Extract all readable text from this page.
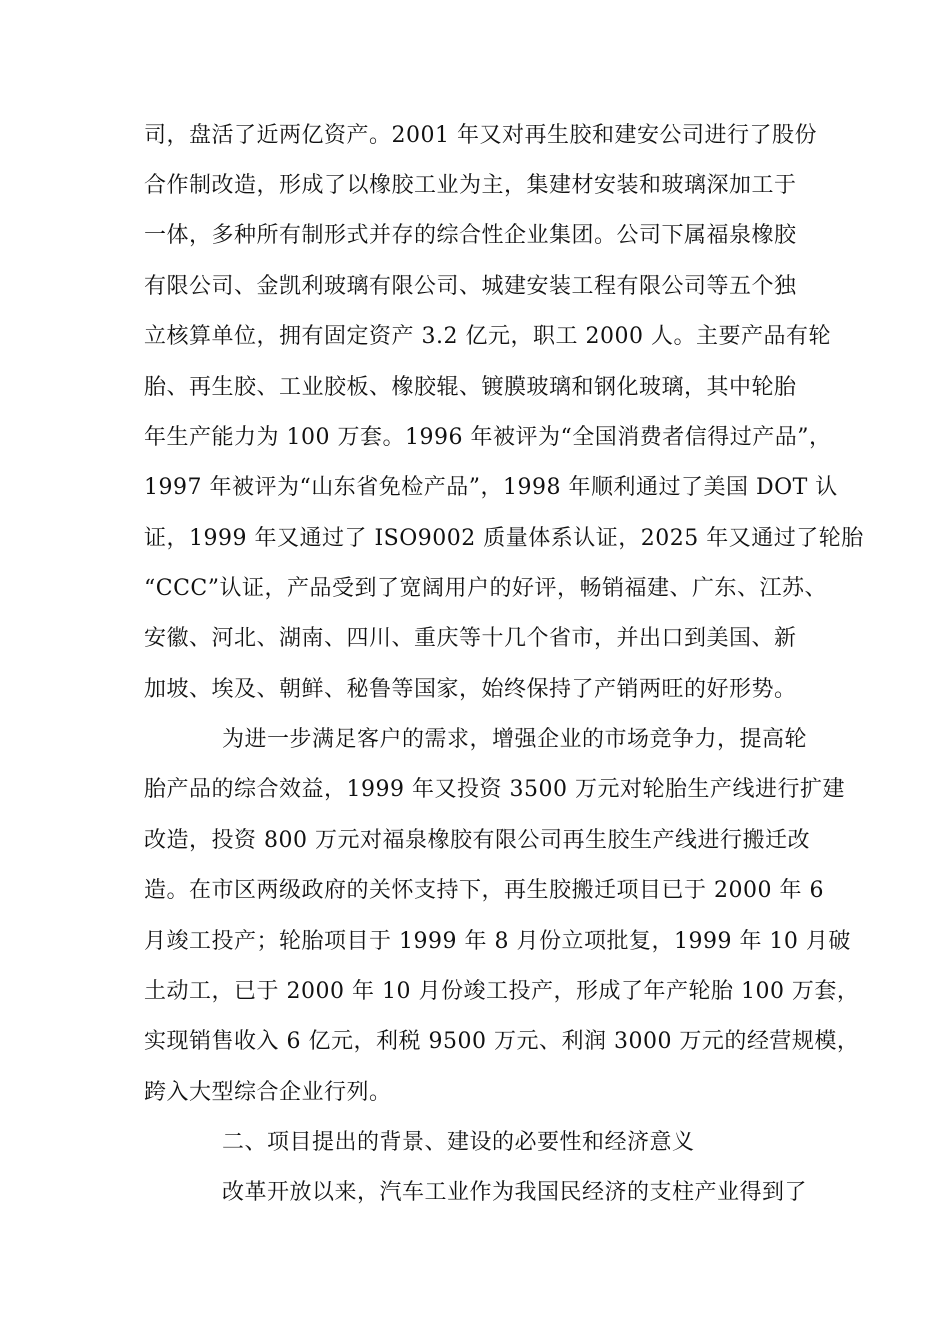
司，盘活了近两亿资产。2001 年又对再生胶和建安公司进行了股份
合作制改造，形成了以橡胶工业为主，集建材安装和玻璃深加工于
一体，多种所有制形式并存的综合性企业集团。公司下属福泉橡胶
有限公司、金凯利玻璃有限公司、城建安装工程有限公司等五个独
立核算单位，拥有固定资产 3.2 亿元，职工 2000 人。主要产品有轮
胎、再生胶、工业胶板、橡胶辊、镀膜玻璃和钢化玻璃，其中轮胎
年生产能力为 100 万套。1996 年被评为“全国消费者信得过产品”，
1997 年被评为“山东省免检产品”，1998 年顺利通过了美国 DOT 认
证，1999 年又通过了 ISO9002 质量体系认证，2025 年又通过了轮胎
“CCC”认证，产品受到了宽阔用户的好评，畅销福建、广东、江苏、
安徽、河北、湖南、四川、重庆等十几个省市，并出口到美国、新
加坡、埃及、朝鲜、秘鲁等国家，始终保持了产销两旺的好形势。
为进一步满足客户的需求，增强企业的市场竞争力，提高轮
胎产品的综合效益，1999 年又投资 3500 万元对轮胎生产线进行扩建
改造，投资 800 万元对福泉橡胶有限公司再生胶生产线进行搬迁改
造。在市区两级政府的关怀支持下，再生胶搬迁项目已于 2000 年 6
月竣工投产；轮胎项目于 1999 年 8 月份立项批复，1999 年 10 月破
土动工，已于 2000 年 10 月份竣工投产，形成了年产轮胎 100 万套，
实现销售收入 6 亿元，利税 9500 万元、利润 3000 万元的经营规模，
跨入大型综合企业行列。
二、项目提出的背景、建设的必要性和经济意义
改革开放以来，汽车工业作为我国民经济的支柱产业得到了
